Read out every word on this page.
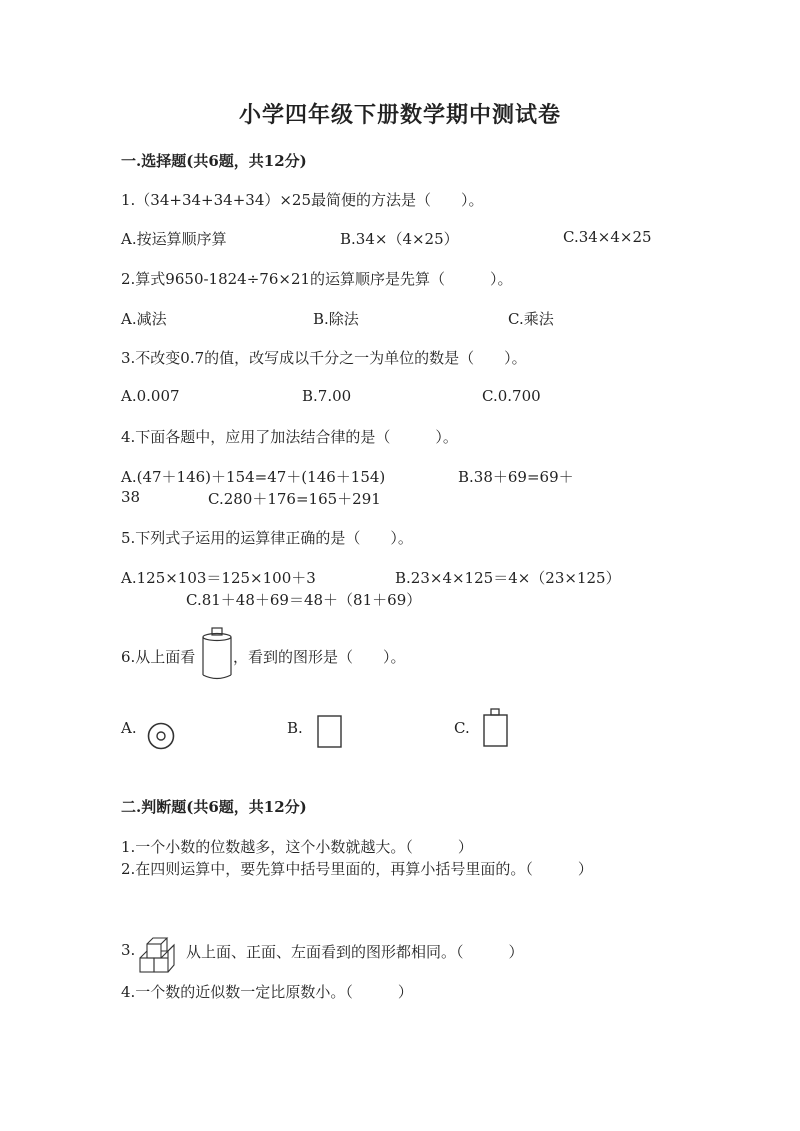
小学四年级下册数学期中测试卷
一.选择题(共6题，共12分)
1.（34+34+34+34）×25最简便的方法是（　　）。
A.按运算顺序算	B.34×（4×25）	C.34×4×25
2.算式9650-1824÷76×21的运算顺序是先算（　　　）。
A.减法	B.除法	C.乘法
3.不改变0.7的值，改写成以千分之一为单位的数是（　　）。
A.0.007	B.7.00	C.0.700
4.下面各题中，应用了加法结合律的是（　　　）。
A.(47＋146)＋154=47＋(146＋154)	B.38＋69=69＋
38	C.280＋176=165＋291
5.下列式子运用的运算律正确的是（　　）。
A.125×103＝125×100＋3	B.23×4×125＝4×（23×125）
C.81＋48＋69＝48＋（81＋69）
6.从上面看	，看到的图形是（　　）。
A.	B.	C.
二.判断题(共6题，共12分)
1.一个小数的位数越多，这个小数就越大。（　　　）
2.在四则运算中，要先算中括号里面的，再算小括号里面的。（　　　）
3.	从上面、正面、左面看到的图形都相同。（　　　）
4.一个数的近似数一定比原数小。（　　　）
